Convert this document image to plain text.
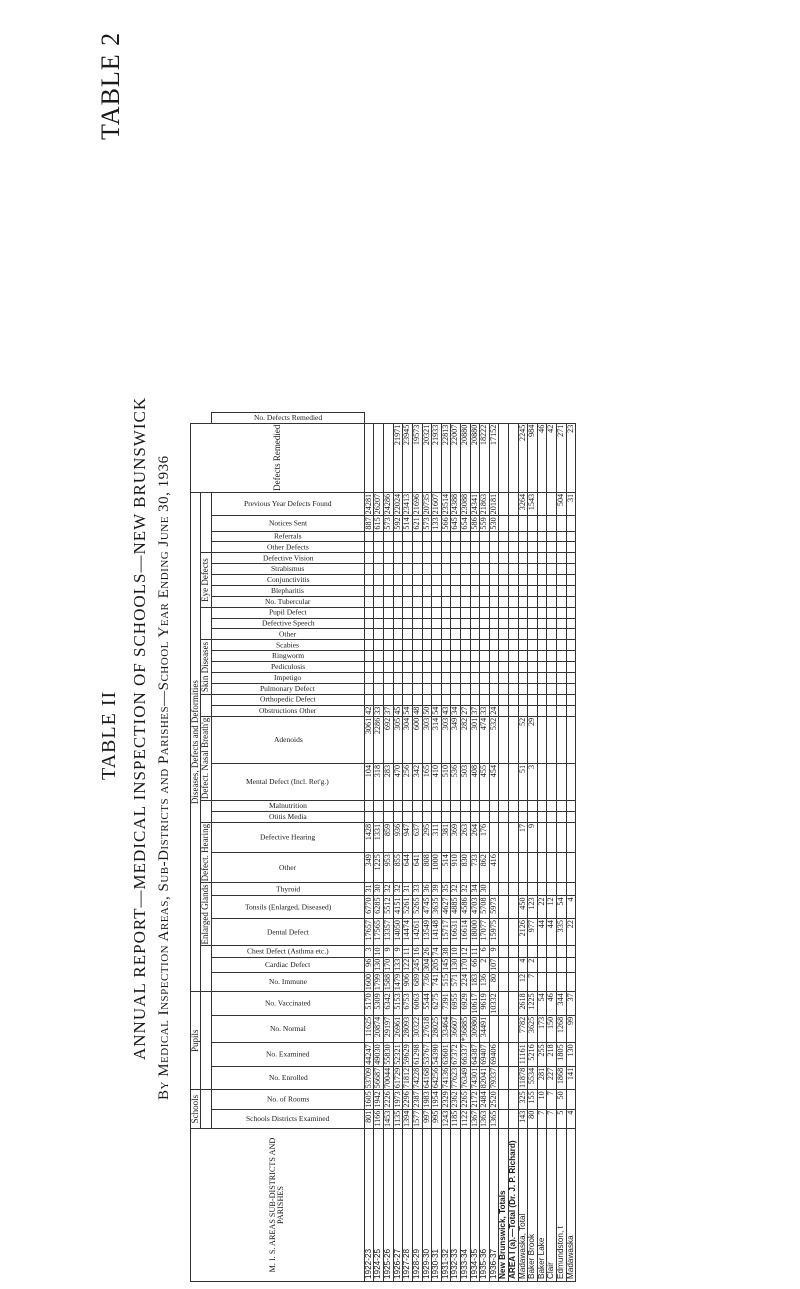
TABLE 2
TABLE II ANNUAL REPORT—MEDICAL INSPECTION OF SCHOOLS—NEW BRUNSWICK By Medical Inspection Areas, Sub-Districts and Parishes—School Year Ending June 30, 1936
M. I. S. AREAS SUB-DISTRICTS AND PARISHES	Schools		Pupils				Diseases, Defects and Deformities																															Defects Remedied	
										Enlarged Glands			Defect. Hearing				Defect. Nasal Breath'g				Skin Diseases								Eye Defects										
	Schools Districts Examined	No. of Rooms	No. Enrolled	No. Examined	No. Normal	No. Vaccinated	No. Immune	Cardiac Defect	Chest Defect (Asthma etc.)	Dental Defect	Tonsils (Enlarged, Diseased)	Thyroid	Other	Defective Hearing	Otitis Media	Malnutrition	Mental Defect (Incl. Ret'g.)	Adenoids	Obstructions Other	Orthopedic Defect	Pulmonary Defect	Impetigo	Pediculosis	Ringworm	Scabies	Other	Defective Speech	Pupil Defect	No. Tubercular	Blepharitis	Conjunctivitis	Strabismus	Defective Vision	Other Defects	Referrals	Notices Sent	Previous Year Defects Found		No. Defects Remedied
1922-23	801	1605	53709	44247	11625	5170	1600	96	3	17657	6770	31	349	1428			104	3061	42																	887	24281		
1924-25	1166	1942	56687	49030	20874	5309	1799	130	10	17565	6285	30	1225	1331			318	2286	33																	615	26207		
1925-26	1453	2226	70044	55830	29197	6342	1588	170	9	13357	5512	32	953	859			283	692	37																	573	24286		
1926-27	1135	1973	61729	52321	26961	5153	1479	133	9	14050	4151	32	855	936			470	305	45																	592	22024	21971	
1927-28	1394	2296	71812	59629	28093	6753	906	122	11	14474	5261	31	644	947			256	304	54																	514	23413	23945	
1928-29	1577	2387	74228	61298	30322	6063	689	245	16	14261	5265	33	641	637			342	600	48																	621	21696	19573	
1929-30	997	1983	64168	53767	27618	5544	736	304	26	13549	4745	36	808	295			165	303	50																	573	20735	20321	
1930-31	995	1954	64256	54390	28025	6275	741	205	74	14148	3635	39	1000	311			410	314	54																	133	21607	21933	
1931-32	1243	2329	74136	63601	33464	7391	515	145	38	15717	4627	35	514	381			510	303	43																	566	23514	22813	
1932-33	1185	2362	77623	67372	36607	6955	571	130	10	16631	4885	32	910	369			536	349	34																	645	24388	22007	
1933-34	1122	2265	76349	66337	*36885	6929	224	170	12	16614	4586	32	830	263			503	282	27																	654	23088	20880	
1934-35	1367	2172	74301	64387	30980	10617	183	66	11	18000	4703	34	733	264			408	301	37																	586	24341	20880	
1935-36	1363	2484	82041	69407	34491	9619	136	2	6	17077	5708	30	862	176			455	474	33																	559	21863	18222	
1936-37	1365	2520	79337	69406		10332	80	107	9	15975	5973		416				454	532	24																	530	20181	17152	
New Brunswick, Totals																																							
AREA I (a).—Total (Dr. J. P. Richard)																																							
Madawaska, Total	143	325	11878	11161	7782	2618	12	4		2126	450			17			51	52																			3264	2245	
Baker Brook	80	155	5534	5216	3625	1225	7	2		977	123			9			3	29																			1543	984	
Baker Lake	7	10	281	255	173	54				44	22																											46	
Clair	7	7	227	218	150	46				44	12																											42	
Edmundston, t	5	50	1868	1805	1268	344				335	54																										504	271	
Madawaska	4		141	130	99	37				22	4																										31	23	
